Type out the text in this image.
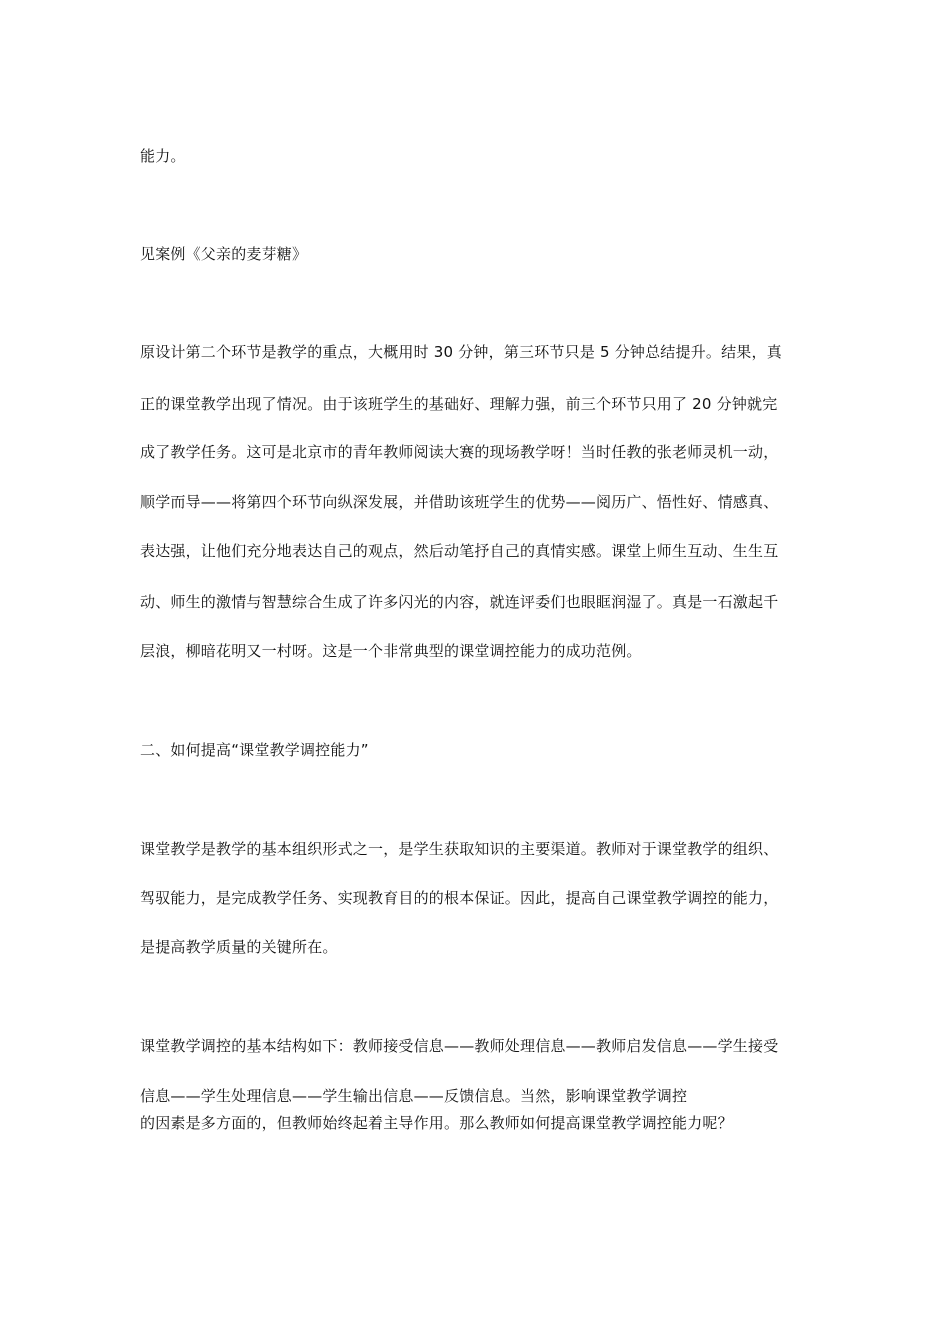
能力。
见案例《父亲的麦芽糖》
原设计第二个环节是教学的重点，大概用时 30 分钟，第三环节只是 5 分钟总结提升。结果，真
正的课堂教学出现了情况。由于该班学生的基础好、理解力强，前三个环节只用了 20 分钟就完
成了教学任务。这可是北京市的青年教师阅读大赛的现场教学呀！当时任教的张老师灵机一动，
顺学而导——将第四个环节向纵深发展，并借助该班学生的优势——阅历广、悟性好、情感真、
表达强，让他们充分地表达自己的观点，然后动笔抒自己的真情实感。课堂上师生互动、生生互
动、师生的激情与智慧综合生成了许多闪光的内容，就连评委们也眼眶润湿了。真是一石激起千
层浪，柳暗花明又一村呀。这是一个非常典型的课堂调控能力的成功范例。
二、如何提高“课堂教学调控能力”
课堂教学是教学的基本组织形式之一，是学生获取知识的主要渠道。教师对于课堂教学的组织、
驾驭能力，是完成教学任务、实现教育目的的根本保证。因此，提高自己课堂教学调控的能力，
是提高教学质量的关键所在。
课堂教学调控的基本结构如下：教师接受信息——教师处理信息——教师启发信息——学生接受
信息——学生处理信息——学生输出信息——反馈信息。当然，影响课堂教学调控
的因素是多方面的，但教师始终起着主导作用。那么教师如何提高课堂教学调控能力呢？
